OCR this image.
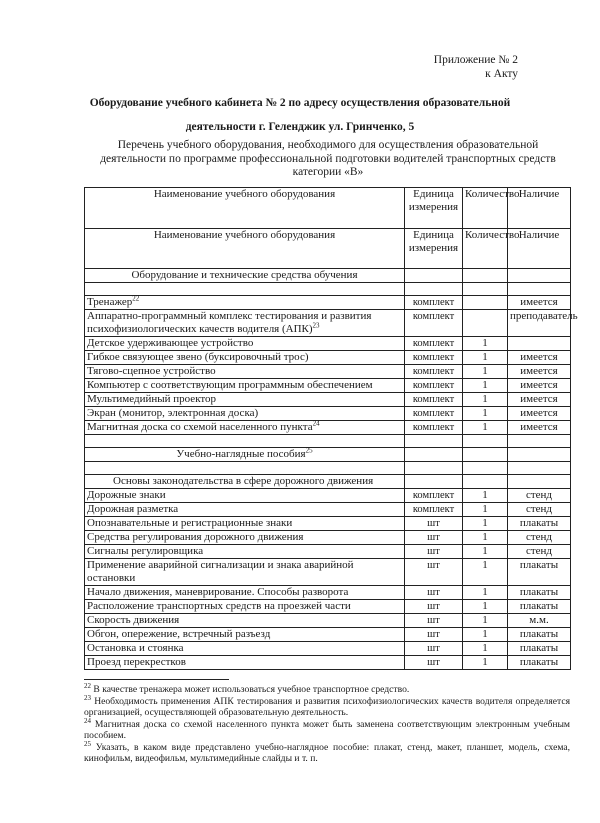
Приложение № 2
к Акту
Оборудование учебного кабинета № 2 по адресу осуществления образовательной
деятельности г. Геленджик ул. Гринченко, 5
Перечень учебного оборудования, необходимого для осуществления образовательной
деятельности по программе профессиональной подготовки водителей транспортных средств
категории «В»
Наименование учебного оборудования	Единица измерения	Количество	Наличие
Наименование учебного оборудования	Единица измерения	Количество	Наличие
Оборудование и технические средства обучения			

Тренажер$^{22}$	комплект		имеется
Аппаратно-программный комплекс тестирования и развития психофизиологических качеств водителя (АПК)$^{23}$	комплект		преподаватель
Детское удерживающее устройство	комплект	1	
Гибкое связующее звено (буксировочный трос)	комплект	1	имеется
Тягово-сцепное устройство	комплект	1	имеется
Компьютер с соответствующим программным обеспечением	комплект	1	имеется
Мультимедийный проектор	комплект	1	имеется
Экран (монитор, электронная доска)	комплект	1	имеется
Магнитная доска со схемой населенного пункта$^{24}$	комплект	1	имеется

Учебно-наглядные пособия$^{25}$			

Основы законодательства в сфере дорожного движения			
Дорожные знаки	комплект	1	стенд
Дорожная разметка	комплект	1	стенд
Опознавательные и регистрационные знаки	шт	1	плакаты
Средства регулирования дорожного движения	шт	1	стенд
Сигналы регулировщика	шт	1	стенд
Применение аварийной сигнализации и знака аварийной остановки	шт	1	плакаты
Начало движения, маневрирование. Способы разворота	шт	1	плакаты
Расположение транспортных средств на проезжей части	шт	1	плакаты
Скорость движения	шт	1	м.м.
Обгон, опережение, встречный разъезд	шт	1	плакаты
Остановка и стоянка	шт	1	плакаты
Проезд перекрестков	шт	1	плакаты

$^{22}$ В качестве тренажера может использоваться учебное транспортное средство.

$^{23}$ Необходимость применения АПК тестирования и развития психофизиологических качеств водителя определяется организацией, осуществляющей образовательную деятельность.

$^{24}$ Магнитная доска со схемой населенного пункта может быть заменена соответствующим электронным учебным пособием.

$^{25}$ Указать, в каком виде представлено учебно-наглядное пособие: плакат, стенд, макет, планшет, модель, схема, кинофильм, видеофильм, мультимедийные слайды и т. п.
